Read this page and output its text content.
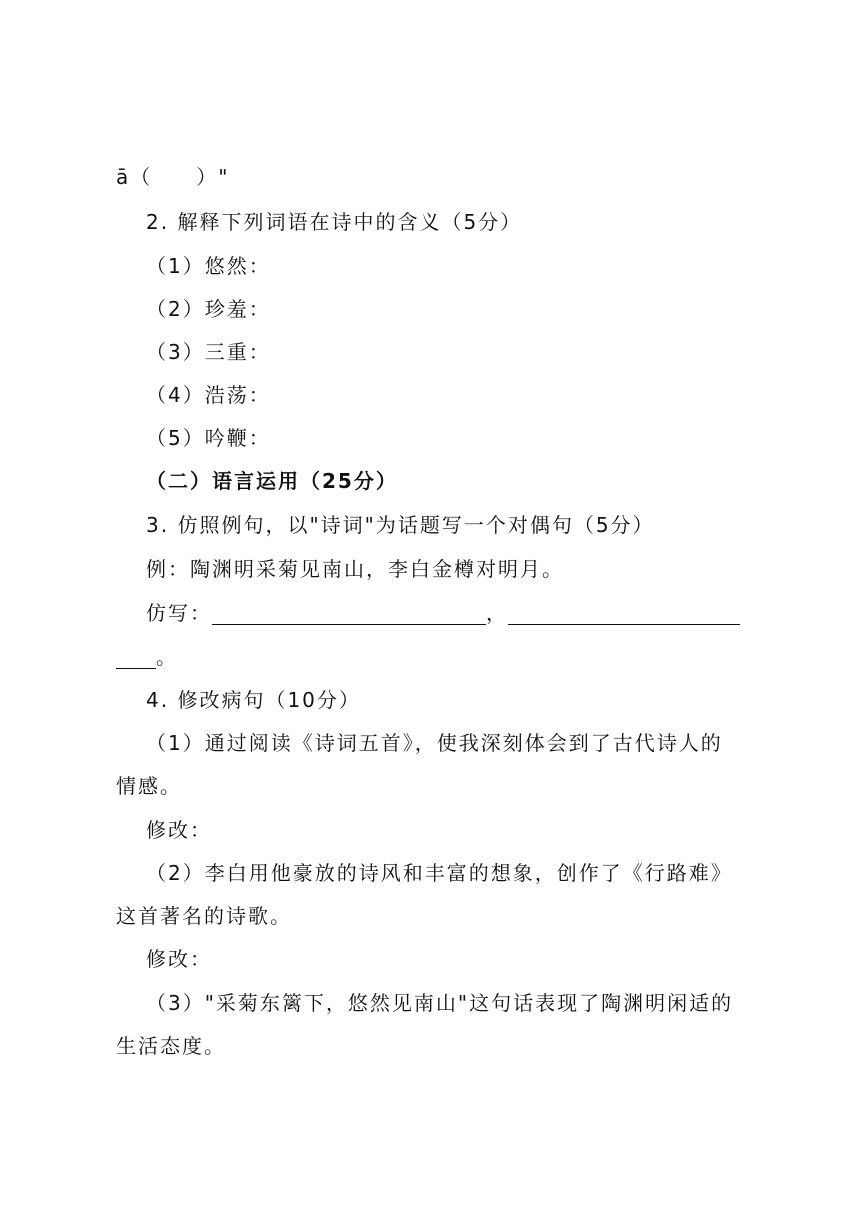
ā（　　）"
2. 解释下列词语在诗中的含义（5分）
（1）悠然：
（2）珍羞：
（3）三重：
（4）浩荡：
（5）吟鞭：
（二）语言运用（25分）
3. 仿照例句，以"诗词"为话题写一个对偶句（5分）
例：陶渊明采菊见南山，李白金樽对明月。
仿写：	，
。
4. 修改病句（10分）
（1）通过阅读《诗词五首》，使我深刻体会到了古代诗人的
情感。
修改：
（2）李白用他豪放的诗风和丰富的想象，创作了《行路难》
这首著名的诗歌。
修改：
（3）"采菊东篱下，悠然见南山"这句话表现了陶渊明闲适的
生活态度。
